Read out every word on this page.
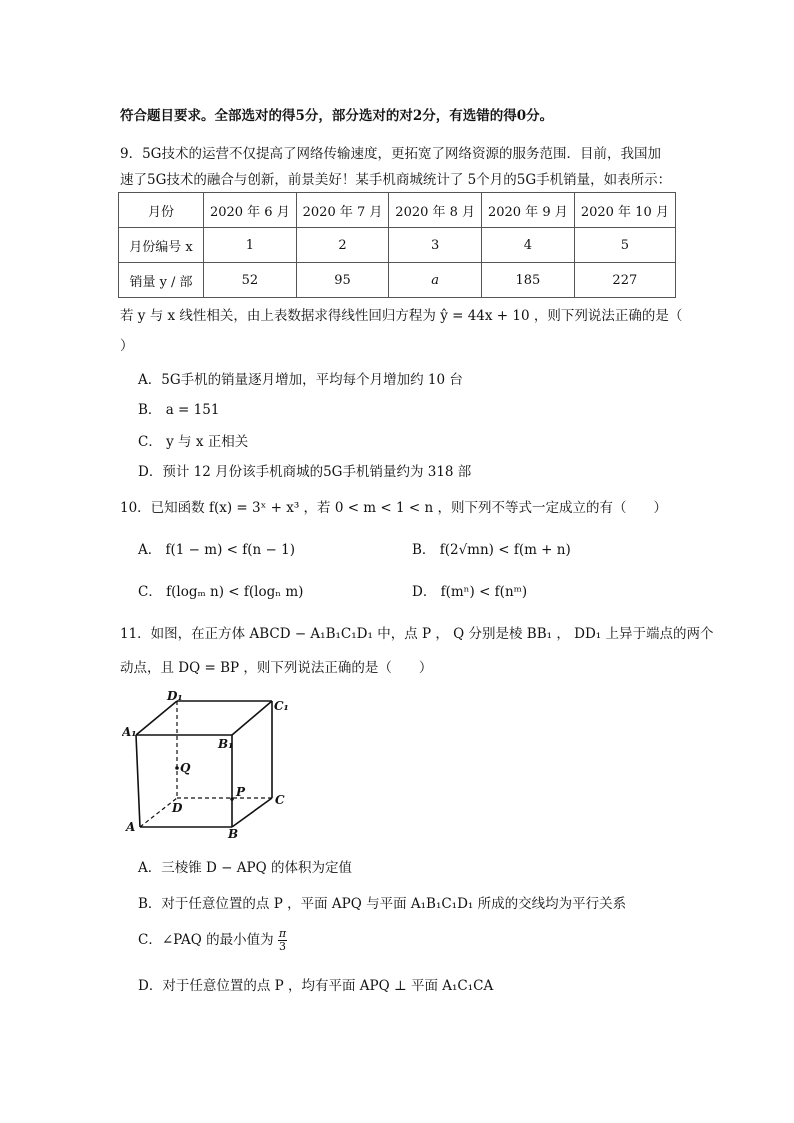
符合题目要求。全部选对的得5分，部分选对的对2分，有选错的得0分。
9．5G技术的运营不仅提高了网络传输速度，更拓宽了网络资源的服务范围．目前，我国加
速了5G技术的融合与创新，前景美好！某手机商城统计了 5个月的5G手机销量，如表所示：
月份	2020 年 6 月	2020 年 7 月	2020 年 8 月	2020 年 9 月	2020 年 10 月
月份编号 x	1	2	3	4	5
销量 y / 部	52	95	a	185	227
若 y 与 x 线性相关，由上表数据求得线性回归方程为 ŷ = 44x + 10 ，则下列说法正确的是（
）
A．5G手机的销量逐月增加，平均每个月增加约 10 台
B． a = 151
C． y 与 x 正相关
D．预计 12 月份该手机商城的5G手机销量约为 318 部
10．已知函数 f(x) = 3ˣ + x³ ，若 0 < m < 1 < n ，则下列不等式一定成立的有（　　）
A． f(1 − m) < f(n − 1)	B． f(2√mn) < f(m + n)
C． f(logₘ n) < f(logₙ m)	D． f(mⁿ) < f(nᵐ)
11．如图，在正方体 ABCD − A₁B₁C₁D₁ 中，点 P ， Q 分别是棱 BB₁ ， DD₁ 上异于端点的两个
动点，且 DQ = BP ，则下列说法正确的是（　　）
D₁
C₁
A₁
B₁
Q
P
D
C
A	B
A．三棱锥 D − APQ 的体积为定值
B．对于任意位置的点 P ，平面 APQ 与平面 A₁B₁C₁D₁ 所成的交线均为平行关系
C．∠PAQ 的最小值为 $\frac{\pi}{3}$
D．对于任意位置的点 P ，均有平面 APQ ⊥ 平面 A₁C₁CA
